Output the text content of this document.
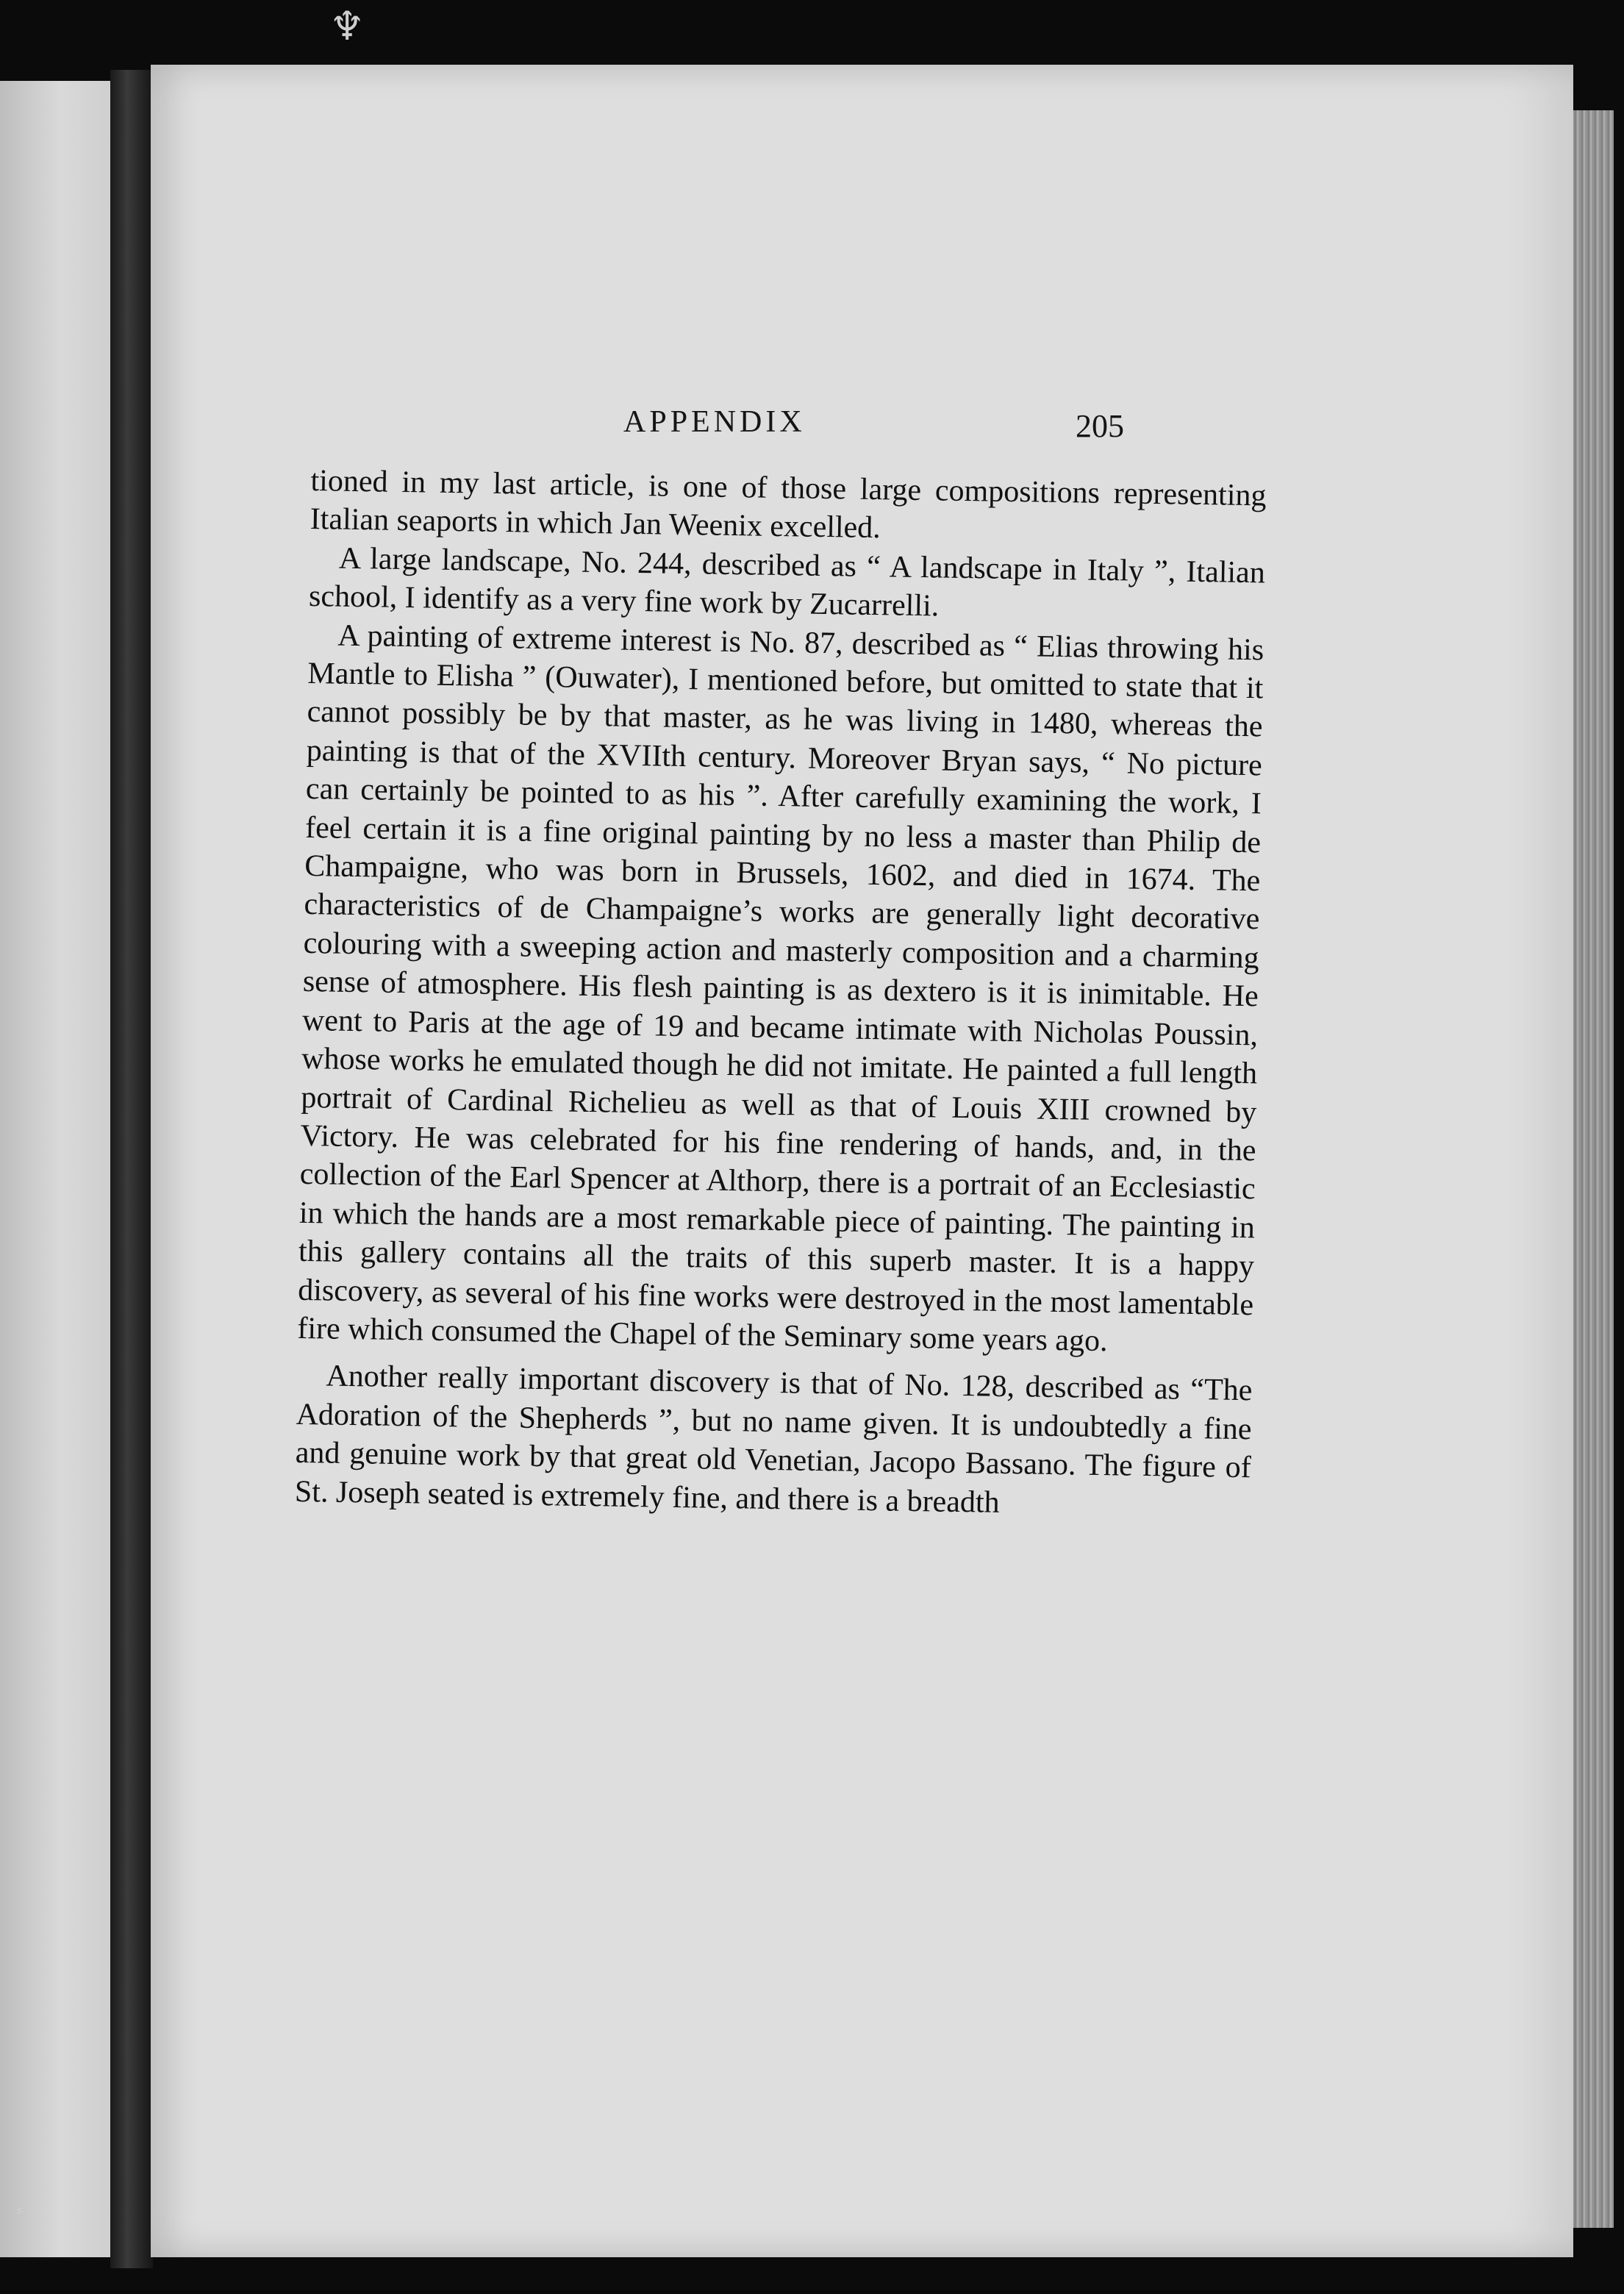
♆
⸗ ‐
APPENDIX	205

tioned in my last article, is one of those large compositions representing Italian seaports in which Jan Weenix excelled.

A large landscape, No. 244, described as “ A landscape in Italy ”, Italian school, I identify as a very fine work by Zucarrelli.

A painting of extreme interest is No. 87, described as “ Elias throwing his Mantle to Elisha ” (Ouwater), I mentioned before, but omitted to state that it cannot possibly be by that master, as he was living in 1480, whereas the painting is that of the XVIIth century. Moreover Bryan says, “ No picture can certainly be pointed to as his ”. After carefully examining the work, I feel certain it is a fine original painting by no less a master than Philip de Champaigne, who was born in Brussels, 1602, and died in 1674. The characteristics of de Champaigne’s works are generally light decorative colouring with a sweeping action and masterly composition and a charming sense of atmosphere. His flesh painting is as dextero is it is inimitable. He went to Paris at the age of 19 and became intimate with Nicholas Poussin, whose works he emulated though he did not imitate. He painted a full length portrait of Cardinal Richelieu as well as that of Louis XIII crowned by Victory. He was celebrated for his fine rendering of hands, and, in the collection of the Earl Spencer at Althorp, there is a portrait of an Ecclesiastic in which the hands are a most remarkable piece of painting. The painting in this gallery contains all the traits of this superb master. It is a happy discovery, as several of his fine works were destroyed in the most lamentable fire which consumed the Chapel of the Seminary some years ago.

Another really important discovery is that of No. 128, described as “The Adoration of the Shepherds ”, but no name given. It is undoubtedly a fine and genuine work by that great old Venetian, Jacopo Bassano. The figure of St. Joseph seated is extremely fine, and there is a breadth
